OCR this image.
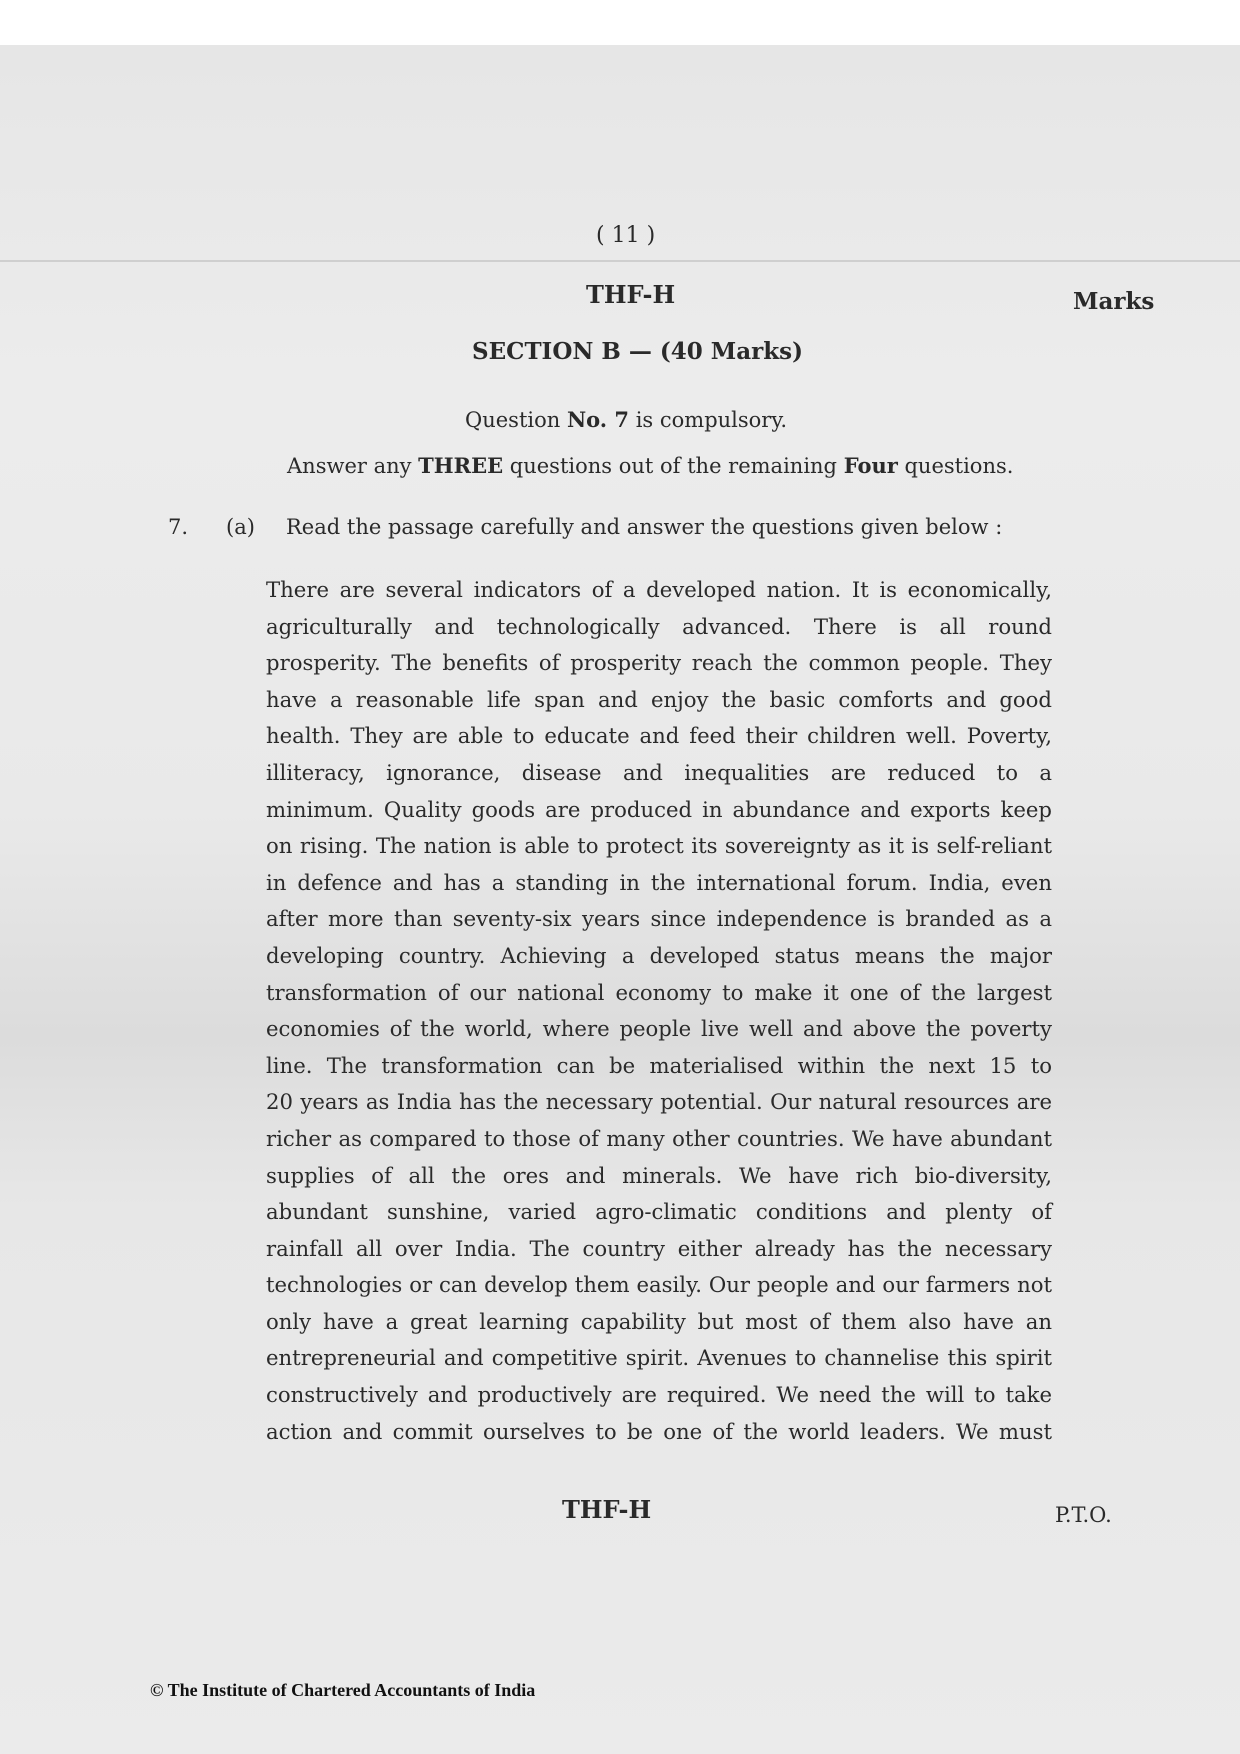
( 11 )
THF-H	Marks
SECTION B — (40 Marks)
Question No. 7 is compulsory.
Answer any THREE questions out of the remaining Four questions.
7. (a) Read the passage carefully and answer the questions given below :
There are several indicators of a developed nation. It is economically,
agriculturally and technologically advanced. There is all round
prosperity. The benefits of prosperity reach the common people. They
have a reasonable life span and enjoy the basic comforts and good
health. They are able to educate and feed their children well. Poverty,
illiteracy, ignorance, disease and inequalities are reduced to a
minimum. Quality goods are produced in abundance and exports keep
on rising. The nation is able to protect its sovereignty as it is self-reliant
in defence and has a standing in the international forum. India, even
after more than seventy-six years since independence is branded as a
developing country. Achieving a developed status means the major
transformation of our national economy to make it one of the largest
economies of the world, where people live well and above the poverty
line. The transformation can be materialised within the next 15 to
20 years as India has the necessary potential. Our natural resources are
richer as compared to those of many other countries. We have abundant
supplies of all the ores and minerals. We have rich bio-diversity,
abundant sunshine, varied agro-climatic conditions and plenty of
rainfall all over India. The country either already has the necessary
technologies or can develop them easily. Our people and our farmers not
only have a great learning capability but most of them also have an
entrepreneurial and competitive spirit. Avenues to channelise this spirit
constructively and productively are required. We need the will to take
action and commit ourselves to be one of the world leaders. We must
THF-H	P.T.O.
© The Institute of Chartered Accountants of India
